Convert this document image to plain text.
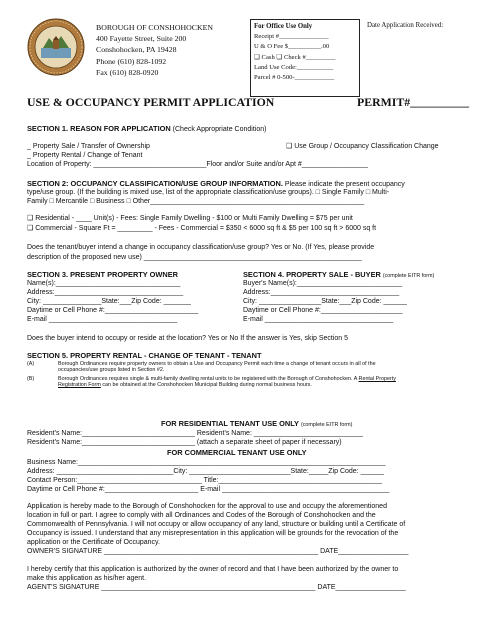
BOROUGH OF CONSHOHOCKEN
400 Fayette Street, Suite 200
Conshohocken, PA 19428
Phone (610) 828-1092
Fax (610) 828-0920
For Office Use Only
Receipt #_______________
U & O Fee $__________.00
❑ Cash ❑ Check #_________
Land Use Code:___________
Parcel # 0-500-____________
Date Application Received:
USE & OCCUPANCY PERMIT APPLICATION	PERMIT#__________
SECTION 1. REASON FOR APPLICATION (Check Appropriate Condition)
_ Property Sale / Transfer of Ownership	❑ Use Group / Occupancy Classification Change
_ Property Rental / Change of Tenant
Location of Property: _____________________________Floor and/or Suite and/or Apt #_________________
SECTION 2: OCCUPANCY CLASSIFICATION/USE GROUP INFORMATION. Please indicate the present occupancy
type/use group. (If the building is mixed use, list of the appropriate classification/use groups). □ Single Family □ Multi-
Family □ Mercantile □ Business □ Other_______________________________________________________
❑ Residential - ____ Unit(s) - Fees: Single Family Dwelling - $100 or Multi Family Dwelling = $75 per unit
❑ Commercial - Square Ft = _________ - Fees - Commercial = $350 < 6000 sq ft & $5 per 100 sq ft > 6000 sq ft
Does the tenant/buyer intend a change in occupancy classification/use group? Yes or No. (If Yes, please provide
description of the proposed new use) ________________________________________________________
SECTION 3. PRESENT PROPERTY OWNER
Name(s):________________________________
Address:_________________________________
City: _______________State:___Zip Code: _______
Daytime or Cell Phone #:________________________
E-mail _________________________________
SECTION 4. PROPERTY SALE - BUYER (complete EITR form)
Buyer's Name(s):___________________________
Address:_________________________________
City: ________________State:___Zip Code: ______
Daytime or Cell Phone #:_____________________
E-mail _________________________________
Does the buyer intend to occupy or reside at the location? Yes or No If the answer is Yes, skip Section 5
SECTION 5. PROPERTY RENTAL - CHANGE OF TENANT - TENANT
(A)	Borough Ordinances require property owners to obtain a Use and Occupancy Permit each time a change of tenant occurs in all of the
occupancies/use groups listed in Section #2.
(B)	Borough Ordinances requires single & multi-family dwelling rental units to be registered with the Borough of Conshohocken. A Rental Property
Registration Form can be obtained at the Conshohocken Municipal Building during normal business hours.
FOR RESIDENTIAL TENANT USE ONLY (complete EITR form)
Resident's Name:_____________________________ Resident's Name: ____________________________
Resident's Name:_____________________________ (attach a separate sheet of paper if necessary)
FOR COMMERCIAL TENANT USE ONLY
Business Name:_______________________________________________________________________________
Address: ______________________________City: __________________________State:_____Zip Code: ______
Contact Person:________________________________ Title:__________________________________________
Daytime or Cell Phone #:________________________ E-mail ___________________________________________
Application is hereby made to the Borough of Conshohocken for the approval to use and occupy the aforementioned
location in full or part. I agree to comply with all Ordinances and Codes of the Borough of Conshohocken and the
Commonwealth of Pennsylvania. I will not occupy or allow occupancy of any land, structure or building until a Certificate of
Occupancy is issued. I understand that any misrepresentation in this application will be grounds for the revocation of the
application or the Certificate of Occupancy.
OWNER'S SIGNATURE _______________________________________________________ DATE__________________
I hereby certify that this application is authorized by the owner of record and that I have been authorized by the owner to
make this application as his/her agent.
AGENT'S SIGNATURE _______________________________________________________ DATE__________________
